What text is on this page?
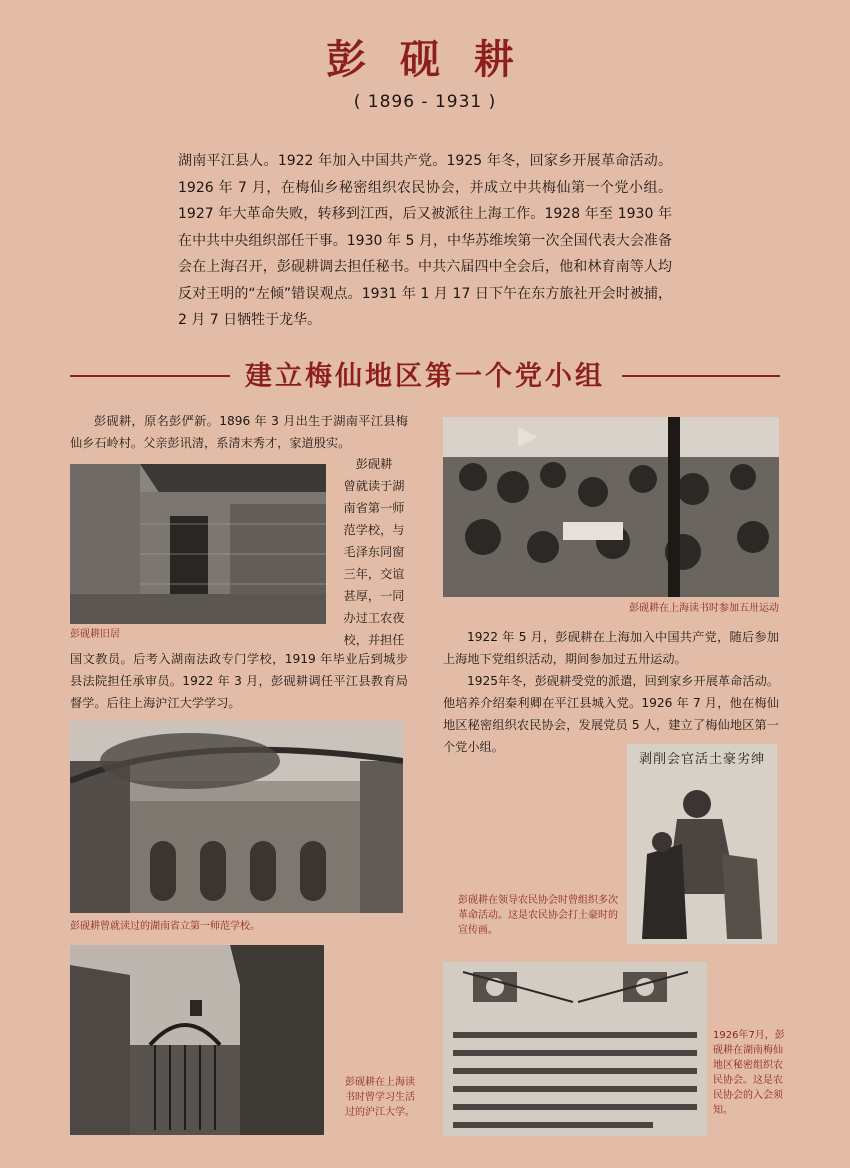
彭 砚 耕
( 1896 - 1931 )
湖南平江县人。1922 年加入中国共产党。1925 年冬，回家乡开展革命活动。1926 年 7 月，在梅仙乡秘密组织农民协会，并成立中共梅仙第一个党小组。1927 年大革命失败，转移到江西，后又被派往上海工作。1928 年至 1930 年在中共中央组织部任干事。1930 年 5 月，中华苏维埃第一次全国代表大会准备会在上海召开，彭砚耕调去担任秘书。中共六届四中全会后，他和林育南等人均反对王明的“左倾”错误观点。1931 年 1 月 17 日下午在东方旅社开会时被捕，2 月 7 日牺牲于龙华。
建立梅仙地区第一个党小组
彭砚耕，原名彭俨新。1896 年 3 月出生于湖南平江县梅仙乡石岭村。父亲彭讯清，系清末秀才，家道殷实。
彭砚耕旧居
彭砚耕
曾就读于湖
南省第一师
范学校，与
毛泽东同窗
三年，交谊
甚厚，一同
办过工农夜
校，并担任
国文教员。后考入湖南法政专门学校，1919 年毕业后到城步县法院担任承审员。1922 年 3 月，彭砚耕调任平江县教育局督学。后往上海沪江大学学习。
彭砚耕曾就读过的湖南省立第一师范学校。
彭砚耕在上海读书时曾学习生活过的沪江大学。
彭砚耕在上海读书时参加五卅运动
1922 年 5 月，彭砚耕在上海加入中国共产党，随后参加上海地下党组织活动，期间参加过五卅运动。
1925年冬，彭砚耕受党的派遣，回到家乡开展革命活动。他培养介绍秦利卿在平江县城入党。1926 年 7 月，他在梅仙地区秘密组织农民协会，发展党员 5 人，建立了梅仙地区第一个党小组。
剥削会官活土豪劣绅
彭砚耕在领导农民协会时曾组织多次革命活动。这是农民协会打土豪时的宣传画。
1926年7月，彭砚耕在湖南梅仙地区秘密组织农民协会。这是农民协会的入会须知。
